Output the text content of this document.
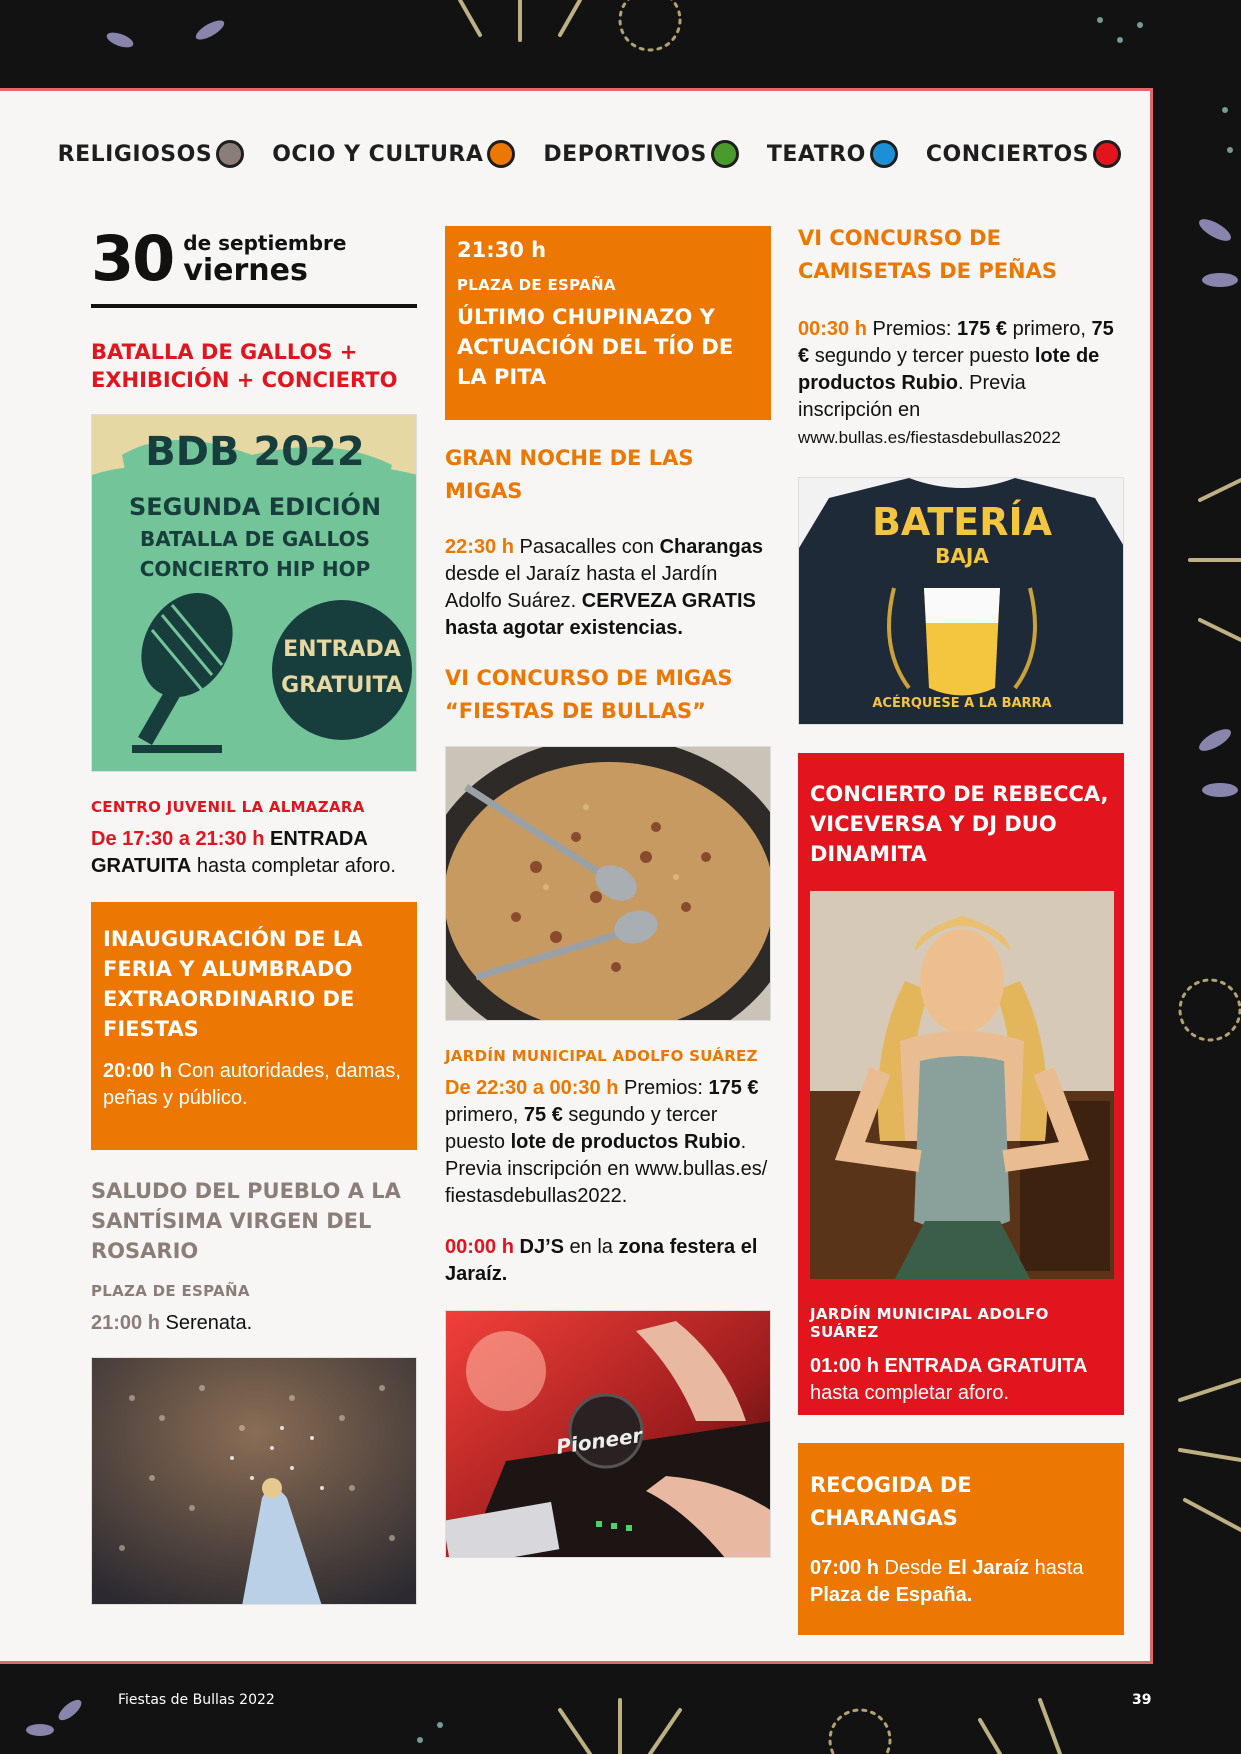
RELIGIOSOS	OCIO Y CULTURA	DEPORTIVOS	TEATRO	CONCIERTOS
30 de septiembre
viernes
BATALLA DE GALLOS + EXHIBICIÓN + CONCIERTO
BDB 2022
SEGUNDA EDICIÓN
BATALLA DE GALLOS
CONCIERTO HIP HOP
ENTRADA
GRATUITA
CENTRO JUVENIL LA ALMAZARA
De 17:30 a 21:30 h ENTRADA GRATUITA hasta completar aforo.
INAUGURACIÓN DE LA FERIA Y ALUMBRADO EXTRAORDINARIO DE FIESTAS
20:00 h Con autoridades, damas, peñas y público.
SALUDO DEL PUEBLO A LA SANTÍSIMA VIRGEN DEL ROSARIO
PLAZA DE ESPAÑA
21:00 h Serenata.
21:30 h
PLAZA DE ESPAÑA
ÚLTIMO CHUPINAZO Y ACTUACIÓN DEL TÍO DE LA PITA
GRAN NOCHE DE LAS MIGAS
22:30 h Pasacalles con Charangas desde el Jaraíz hasta el Jardín Adolfo Suárez. CERVEZA GRATIS hasta agotar existencias.
VI CONCURSO DE MIGAS “FIESTAS DE BULLAS”
JARDÍN MUNICIPAL ADOLFO SUÁREZ
De 22:30 a 00:30 h Premios: 175 € primero, 75 € segundo y tercer puesto lote de productos Rubio. Previa inscripción en www.bullas.es/ fiestasdebullas2022.
00:00 h DJ’S en la zona festera el Jaraíz.
Pioneer
VI CONCURSO DE CAMISETAS DE PEÑAS
00:30 h Premios: 175 € primero, 75 € segundo y tercer puesto lote de productos Rubio. Previa inscripción en www.bullas.es/fiestasdebullas2022
BATERÍA
BAJA
ACÉRQUESE A LA BARRA
CONCIERTO DE REBECCA, VICEVERSA Y DJ DUO DINAMITA
JARDÍN MUNICIPAL ADOLFO SUÁREZ
01:00 h ENTRADA GRATUITA hasta completar aforo.
RECOGIDA DE CHARANGAS
07:00 h Desde El Jaraíz hasta Plaza de España.
Fiestas de Bullas 2022	39
